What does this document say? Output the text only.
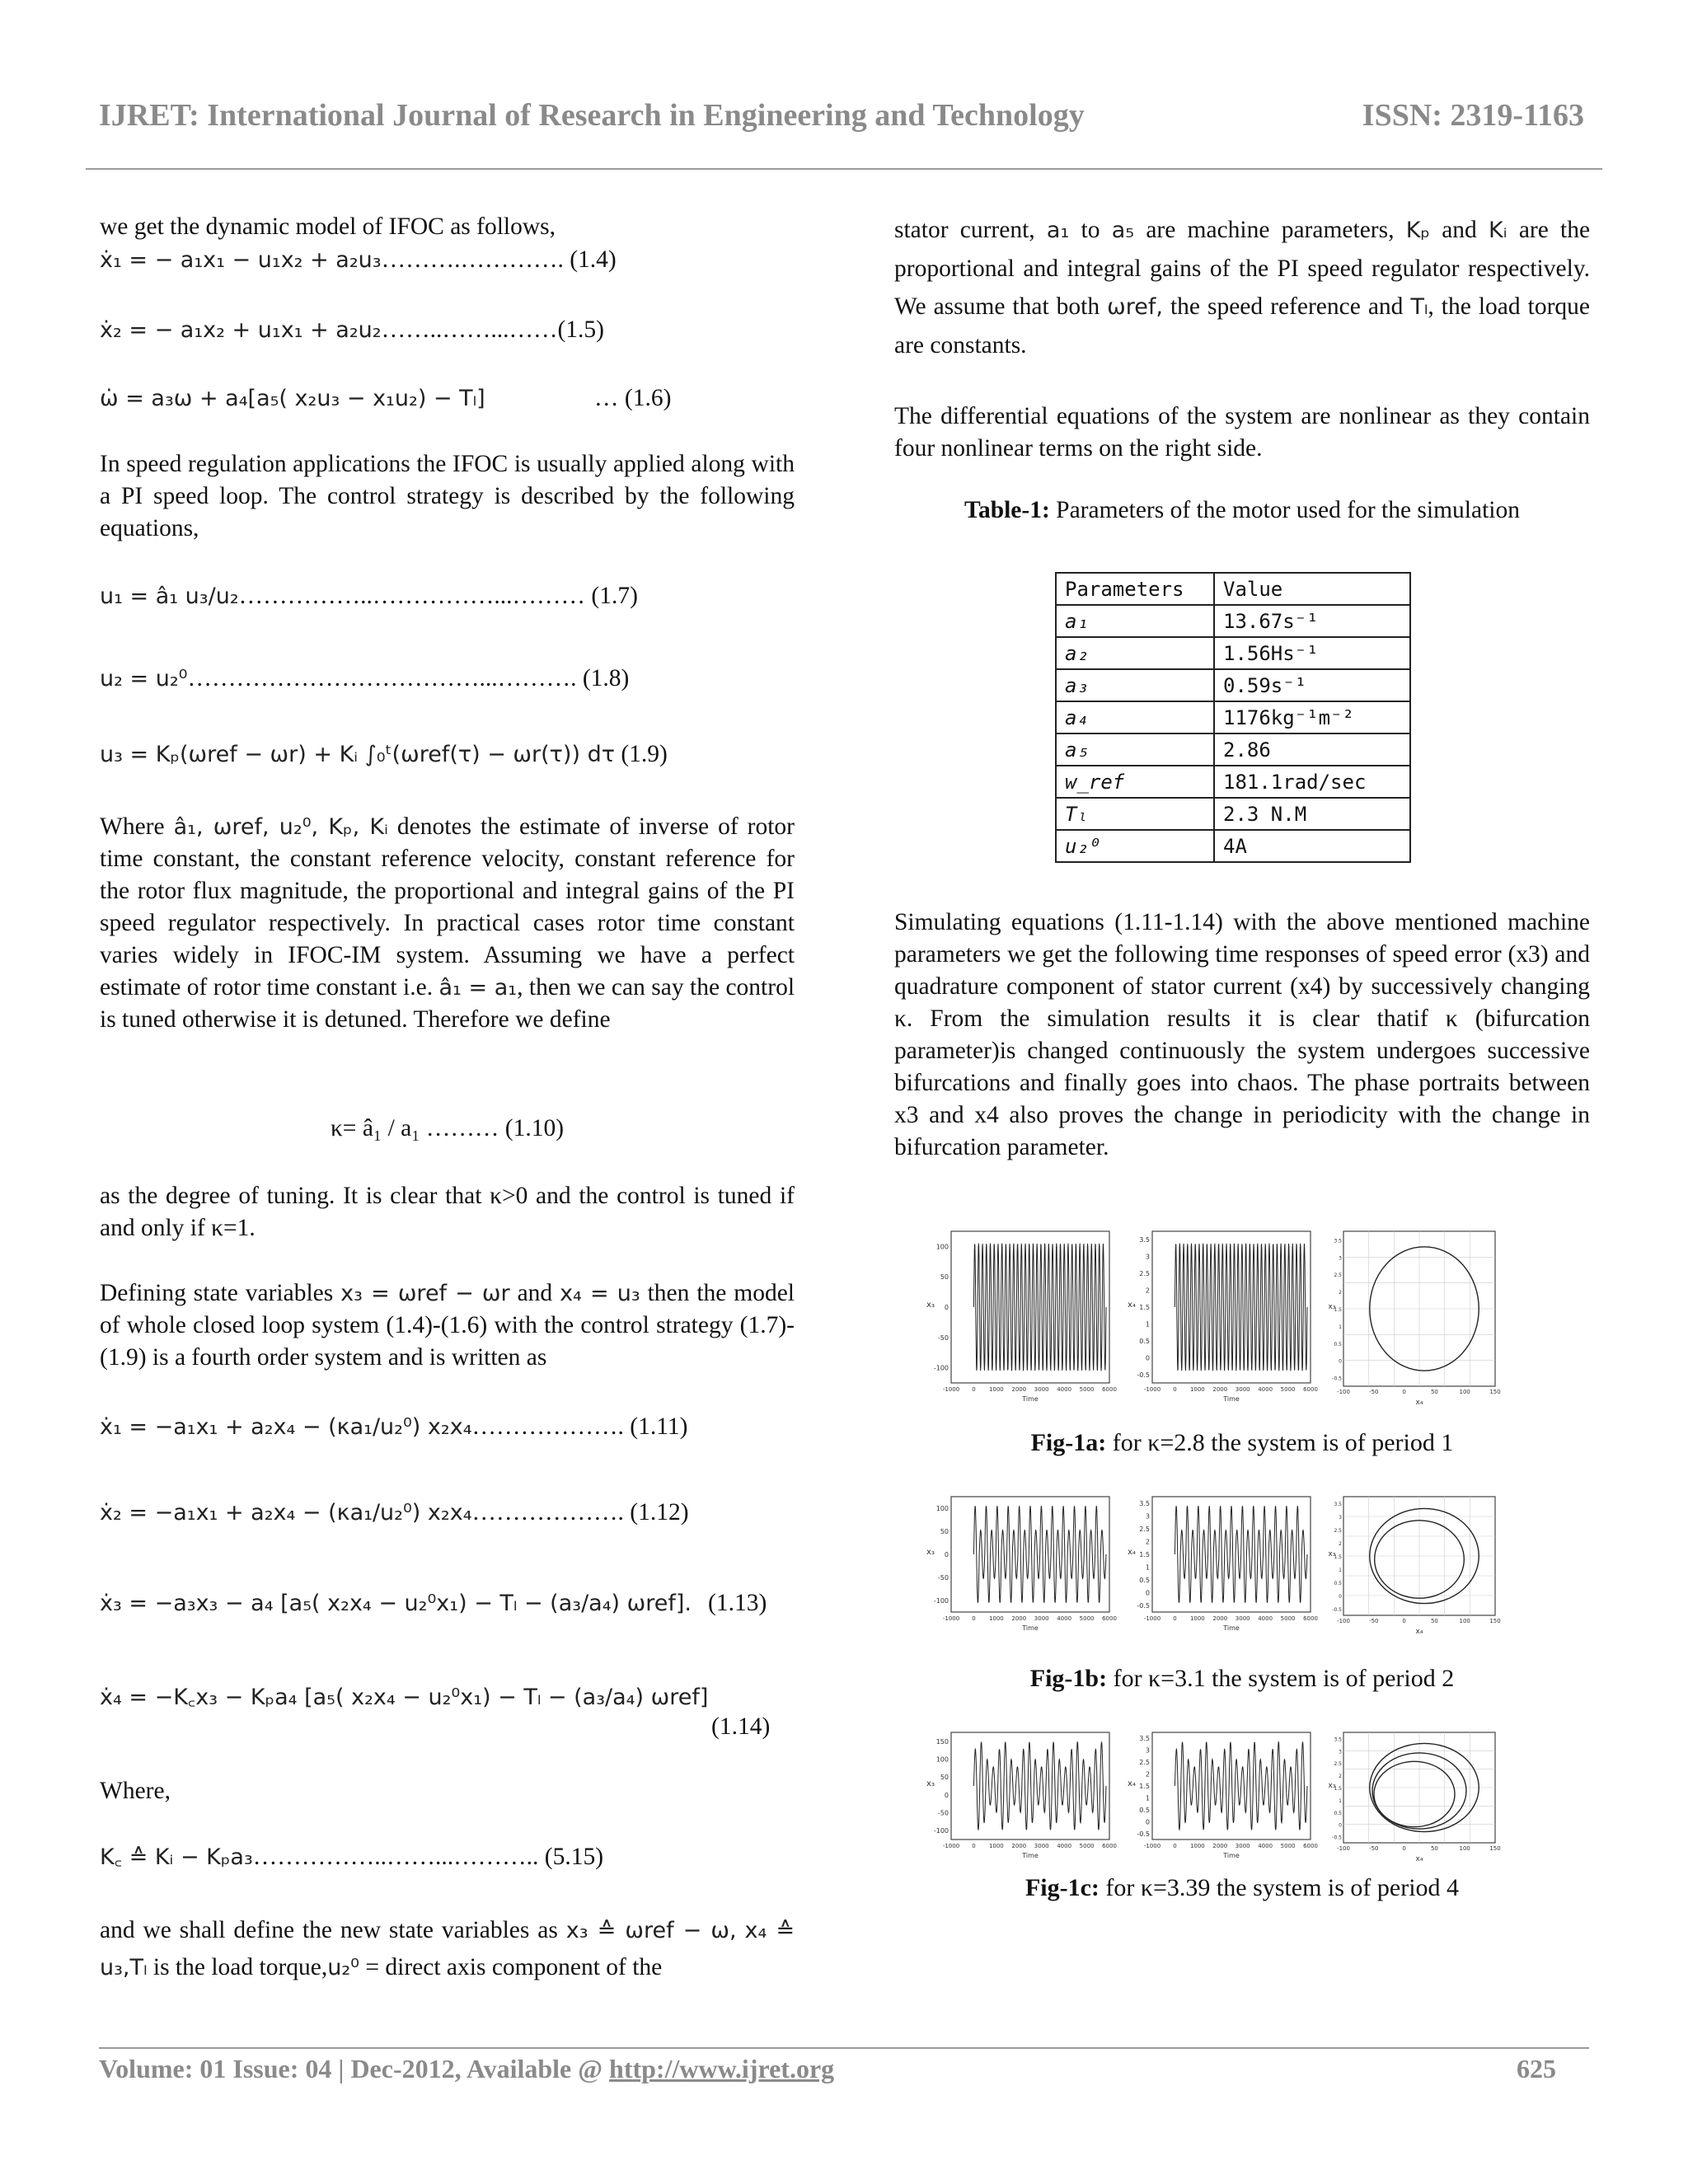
IJRET: International Journal of Research in Engineering and Technology	ISSN: 2319-1163
we get the dynamic model of IFOC as follows,
ẋ₁ = − a₁x₁ − u₁x₂ + a₂u₃……….…………. (1.4)
ẋ₂ = − a₁x₂ + u₁x₁ + a₂u₂……..……...……(1.5)
ω̇ = a₃ω + a₄[a₅( x₂u₃ − x₁u₂) − Tₗ]	… (1.6)

In speed regulation applications the IFOC is usually applied along with a PI speed loop. The control strategy is described by the following equations,

u₁ = â₁ u₃/u₂……………..……………...……… (1.7)
u₂ = u₂⁰………………………………...………. (1.8)
u₃ = Kₚ(ωref − ωr) + Kᵢ ∫₀ᵗ(ωref(τ) − ωr(τ)) dτ (1.9)

Where â₁, ωref, u₂⁰, Kₚ, Kᵢ denotes the estimate of inverse of rotor time constant, the constant reference velocity, constant reference for the rotor flux magnitude, the proportional and integral gains of the PI speed regulator respectively. In practical cases rotor time constant varies widely in IFOC-IM system. Assuming we have a perfect estimate of rotor time constant i.e. â₁ = a₁, then we can say the control is tuned otherwise it is detuned. Therefore we define

κ= â₁ / a₁ ……… (1.10)

as the degree of tuning. It is clear that κ>0 and the control is tuned if and only if κ=1.

Defining state variables x₃ = ωref − ωr and x₄ = u₃ then the model of whole closed loop system (1.4)-(1.6) with the control strategy (1.7)-(1.9) is a fourth order system and is written as

ẋ₁ = −a₁x₁ + a₂x₄ − (κa₁/u₂⁰) x₂x₄………………. (1.11)
ẋ₂ = −a₁x₁ + a₂x₄ − (κa₁/u₂⁰) x₂x₄………………. (1.12)
ẋ₃ = −a₃x₃ − a₄ [a₅( x₂x₄ − u₂⁰x₁) − Tₗ − (a₃/a₄) ωref]. (1.13)
ẋ₄ = −K꜀x₃ − Kₚa₄ [a₅( x₂x₄ − u₂⁰x₁) − Tₗ − (a₃/a₄) ωref]
(1.14)
Where,
K꜀ ≙ Kᵢ − Kₚa₃……………..……...……….. (5.15)

and we shall define the new state variables as x₃ ≙ ωref − ω, x₄ ≙ u₃,Tₗ is the load torque,u₂⁰ = direct axis component of the

stator current, a₁ to a₅ are machine parameters, Kₚ and Kᵢ are the proportional and integral gains of the PI speed regulator respectively. We assume that both ωref, the speed reference and Tₗ, the load torque are constants.

The differential equations of the system are nonlinear as they contain four nonlinear terms on the right side.

Table-1: Parameters of the motor used for the simulation
Parameters	Value
a₁	13.67s⁻¹
a₂	1.56Hs⁻¹
a₃	0.59s⁻¹
a₄	1176kg⁻¹m⁻²
a₅	2.86
w_ref	181.1rad/sec
Tₗ	2.3 N.M
u₂⁰	4A

Simulating equations (1.11-1.14) with the above mentioned machine parameters we get the following time responses of speed error (x3) and quadrature component of stator current (x4) by successively changing κ. From the simulation results it is clear thatif κ (bifurcation parameter)is changed continuously the system undergoes successive bifurcations and finally goes into chaos. The phase portraits between x3 and x4 also proves the change in periodicity with the change in bifurcation parameter.

100
50
0
-50
-100
-1000 0 1000 2000 3000 4000 5000 6000
Time
x₃
3.5
3
2.5
2
1.5
1
0.5
0
-0.5
-1000 0 1000 2000 3000 4000 5000 6000
Time
x₄
3.5
3
2.5
2
1.5
1
0.5
0
-0.5
-100	-50	0	50	100	150
x₄
x₃
Fig-1a: for κ=2.8 the system is of period 1
100
50
0
-50
-100
-1000 0 1000 2000 3000 4000 5000 6000
Time
x₃
3.5
3
2.5
2
1.5
1
0.5
0
-0.5
-1000 0 1000 2000 3000 4000 5000 6000
Time
x₄
3.5
3
2.5
2
1.5
1
0.5
0
-0.5
-100	-50	0	50	100	150
x₄
x₃
Fig-1b: for κ=3.1 the system is of period 2
150
100
50
0
-50
-100
-1000 0 1000 2000 3000 4000 5000 6000
Time
x₃
3.5
3
2.5
2
1.5
1
0.5
0
-0.5
-1000 0 1000 2000 3000 4000 5000 6000
Time
x₄
3.5
3
2.5
2
1.5
1
0.5
0
-0.5
-100	-50	0	50	100	150
x₄
x₃
Fig-1c: for κ=3.39 the system is of period 4
Volume: 01 Issue: 04 | Dec-2012, Available @ http://www.ijret.org	625
